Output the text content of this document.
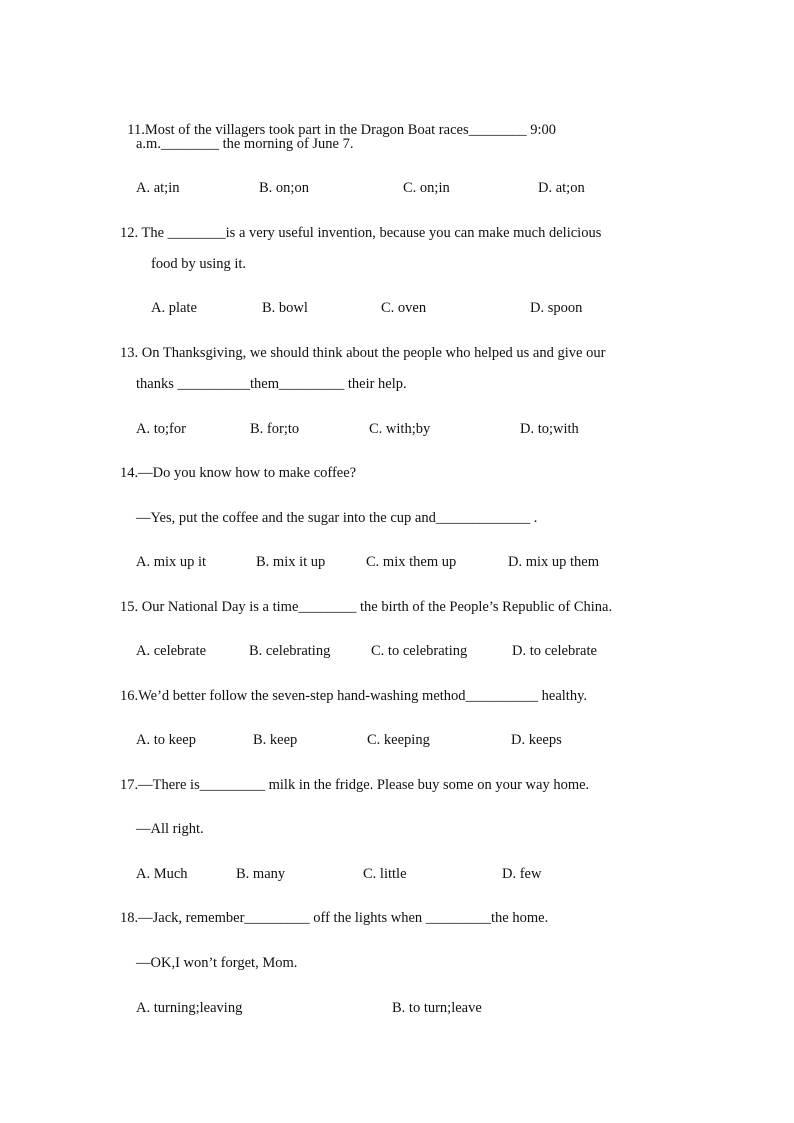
11.Most of the villagers took part in the Dragon Boat races________ 9:00

a.m.________ the morning of June 7.
A. at;in	B. on;on	C. on;in	D. at;on
12. The ________is a very useful invention, because you can make much delicious
food by using it.
A. plate	B. bowl	C. oven	D. spoon
13. On Thanksgiving, we should think about the people who helped us and give our
thanks __________them_________ their help.
A. to;for	B. for;to	C. with;by	D. to;with
14.—Do you know how to make coffee?
—Yes, put the coffee and the sugar into the cup and_____________ .
A. mix up it	B. mix it up	C. mix them up	D. mix up them
15. Our National Day is a time________ the birth of the People’s Republic of China.
A. celebrate	B. celebrating	C. to celebrating	D. to celebrate
16.We’d better follow the seven-step hand-washing method__________ healthy.
A. to keep	B. keep	C. keeping	D. keeps
17.—There is_________ milk in the fridge. Please buy some on your way home.
—All right.
A. Much	B. many	C. little	D. few
18.—Jack, remember_________ off the lights when _________the home.
—OK,I won’t forget, Mom.
A. turning;leaving	B. to turn;leave
